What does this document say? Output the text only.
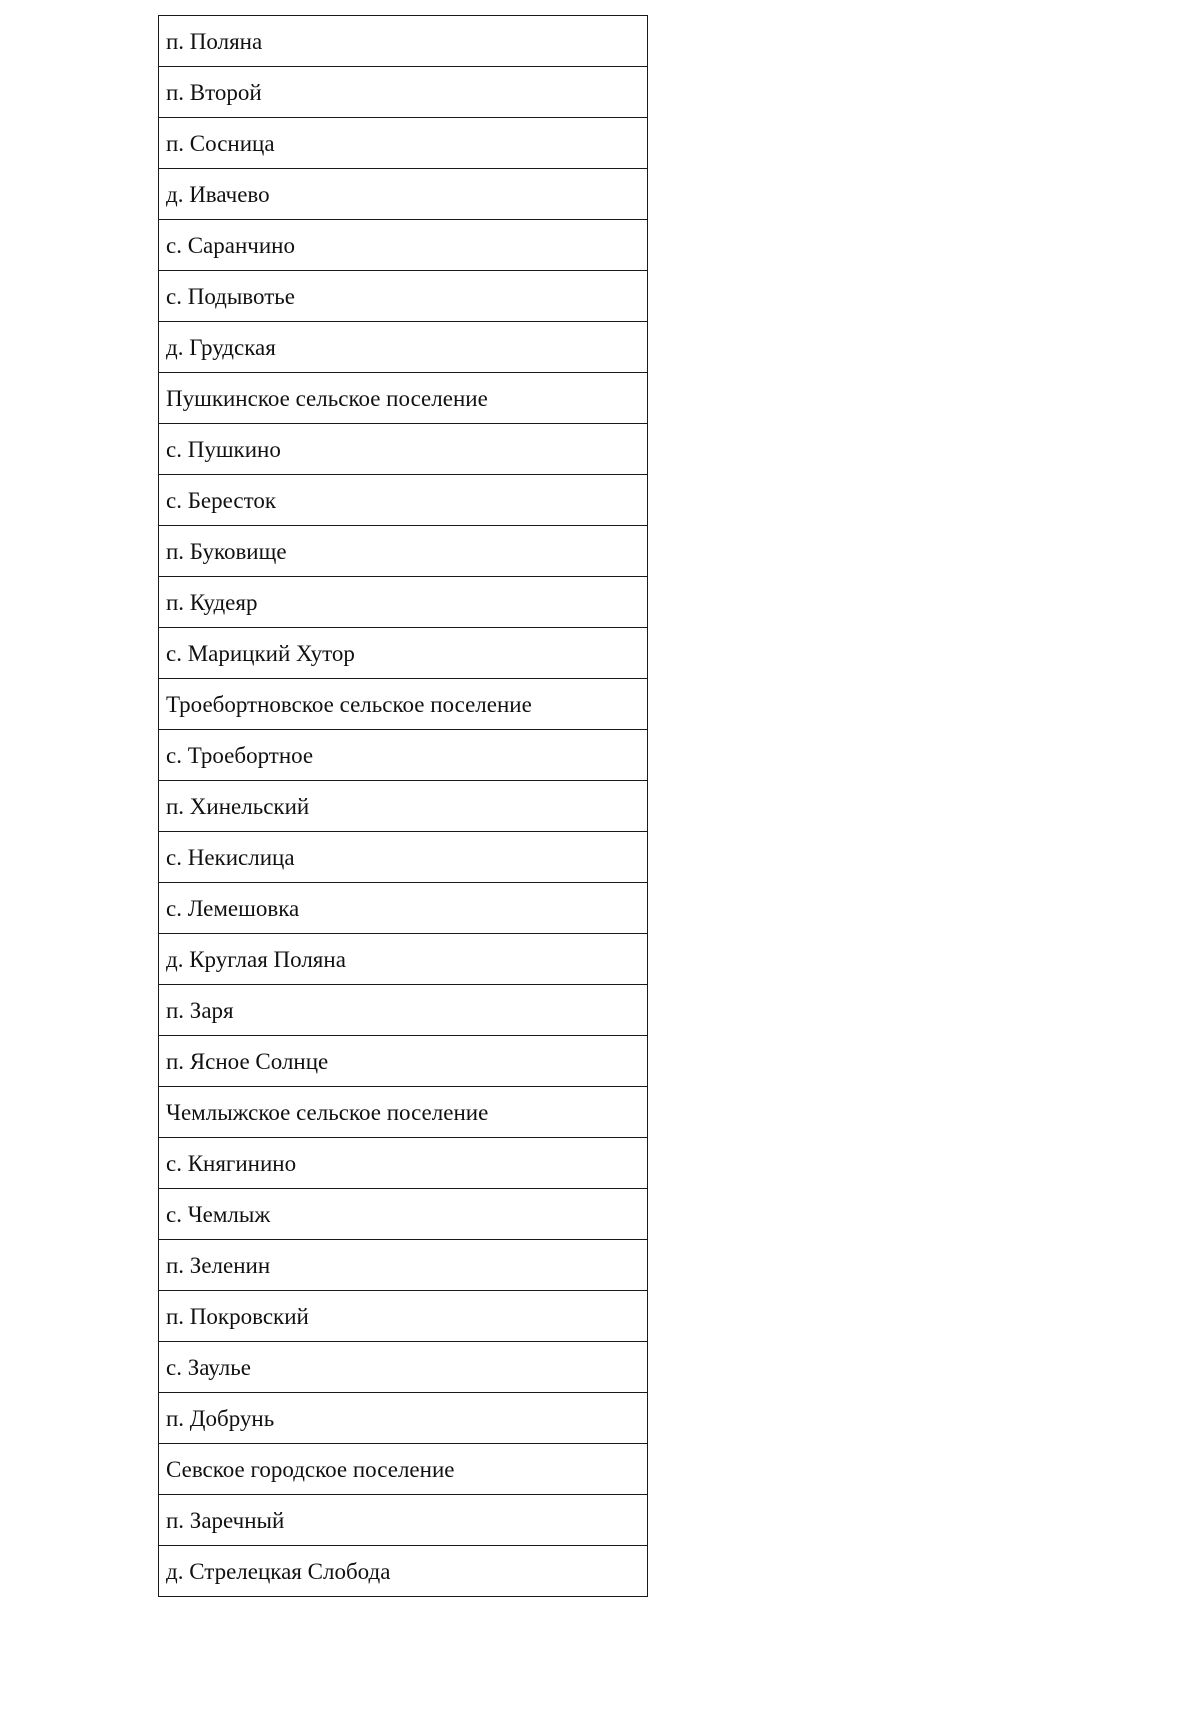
п. Поляна
п. Второй
п. Сосница
д. Ивачево
с. Саранчино
с. Подывотье
д. Грудская
Пушкинское сельское поселение
с. Пушкино
с. Бересток
п. Буковище
п. Кудеяр
с. Марицкий Хутор
Троебортновское сельское поселение
с. Троебортное
п. Хинельский
с. Некислица
с. Лемешовка
д. Круглая Поляна
п. Заря
п. Ясное Солнце
Чемлыжское сельское поселение
с. Княгинино
с. Чемлыж
п. Зеленин
п. Покровский
с. Заулье
п. Добрунь
Севское городское поселение
п. Заречный
д. Стрелецкая Слобода
